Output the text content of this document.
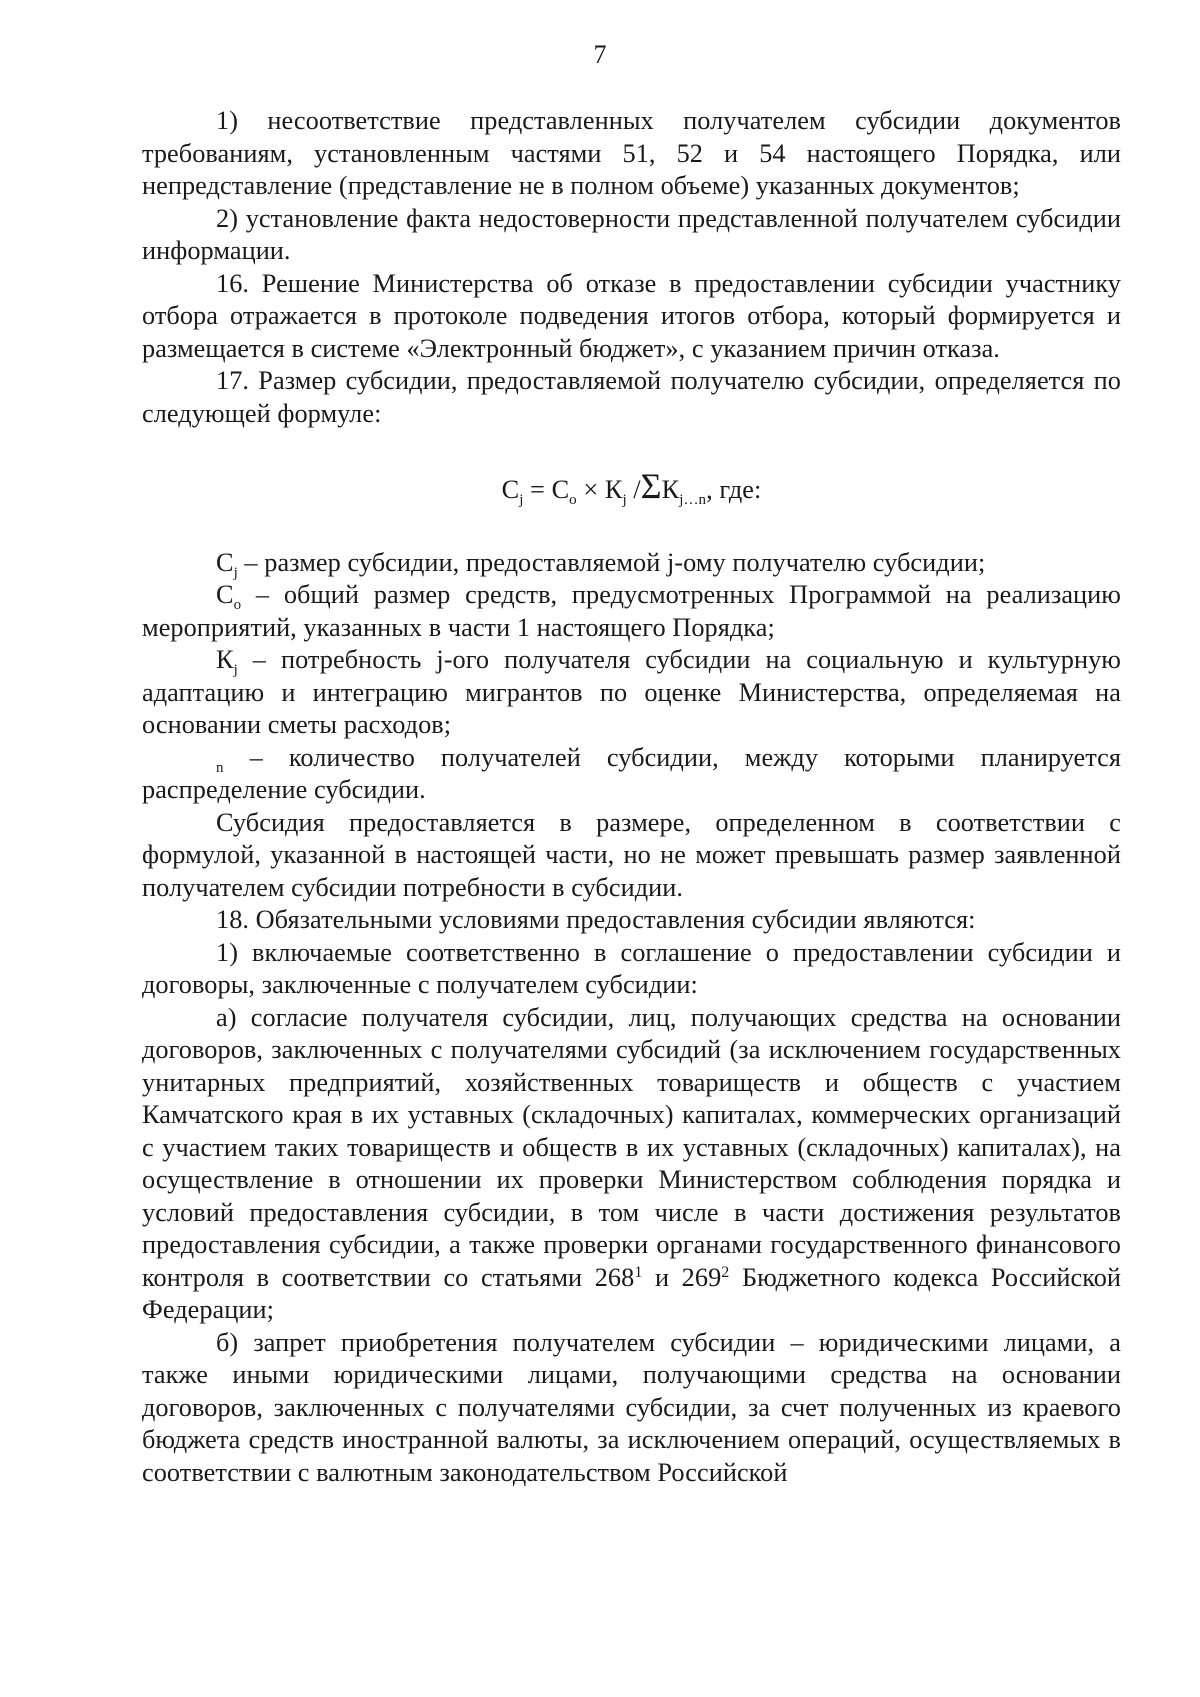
7

1) несоответствие представленных получателем субсидии документов требованиям, установленным частями 51, 52 и 54 настоящего Порядка, или непредставление (представление не в полном объеме) указанных документов;

2) установление факта недостоверности представленной получателем субсидии информации.

16. Решение Министерства об отказе в предоставлении субсидии участнику отбора отражается в протоколе подведения итогов отбора, который формируется и размещается в системе «Электронный бюджет», с указанием причин отказа.

17. Размер субсидии, предоставляемой получателю субсидии, определяется по следующей формуле:

$C_j = C_o \times К_j$ $/\Sigma К_{j\dots n}$, где:

$C_j$ – размер субсидии, предоставляемой j-ому получателю субсидии;

$C_o$ – общий размер средств, предусмотренных Программой на реализацию мероприятий, указанных в части 1 настоящего Порядка;

$К_j$ – потребность j-ого получателя субсидии на социальную и культурную адаптацию и интеграцию мигрантов по оценке Министерства, определяемая на основании сметы расходов;

$_n$ – количество получателей субсидии, между которыми планируется распределение субсидии.

Субсидия предоставляется в размере, определенном в соответствии с формулой, указанной в настоящей части, но не может превышать размер заявленной получателем субсидии потребности в субсидии.

18. Обязательными условиями предоставления субсидии являются:

1) включаемые соответственно в соглашение о предоставлении субсидии и договоры, заключенные с получателем субсидии:

а) согласие получателя субсидии, лиц, получающих средства на основании договоров, заключенных с получателями субсидий (за исключением государственных унитарных предприятий, хозяйственных товариществ и обществ с участием Камчатского края в их уставных (складочных) капиталах, коммерческих организаций с участием таких товариществ и обществ в их уставных (складочных) капиталах), на осуществление в отношении их проверки Министерством соблюдения порядка и условий предоставления субсидии, в том числе в части достижения результатов предоставления субсидии, а также проверки органами государственного финансового контроля в соответствии со статьями $268^1$ и $269^2$ Бюджетного кодекса Российской Федерации;

б) запрет приобретения получателем субсидии – юридическими лицами, а также иными юридическими лицами, получающими средства на основании договоров, заключенных с получателями субсидии, за счет полученных из краевого бюджета средств иностранной валюты, за исключением операций, осуществляемых в соответствии с валютным законодательством Российской
